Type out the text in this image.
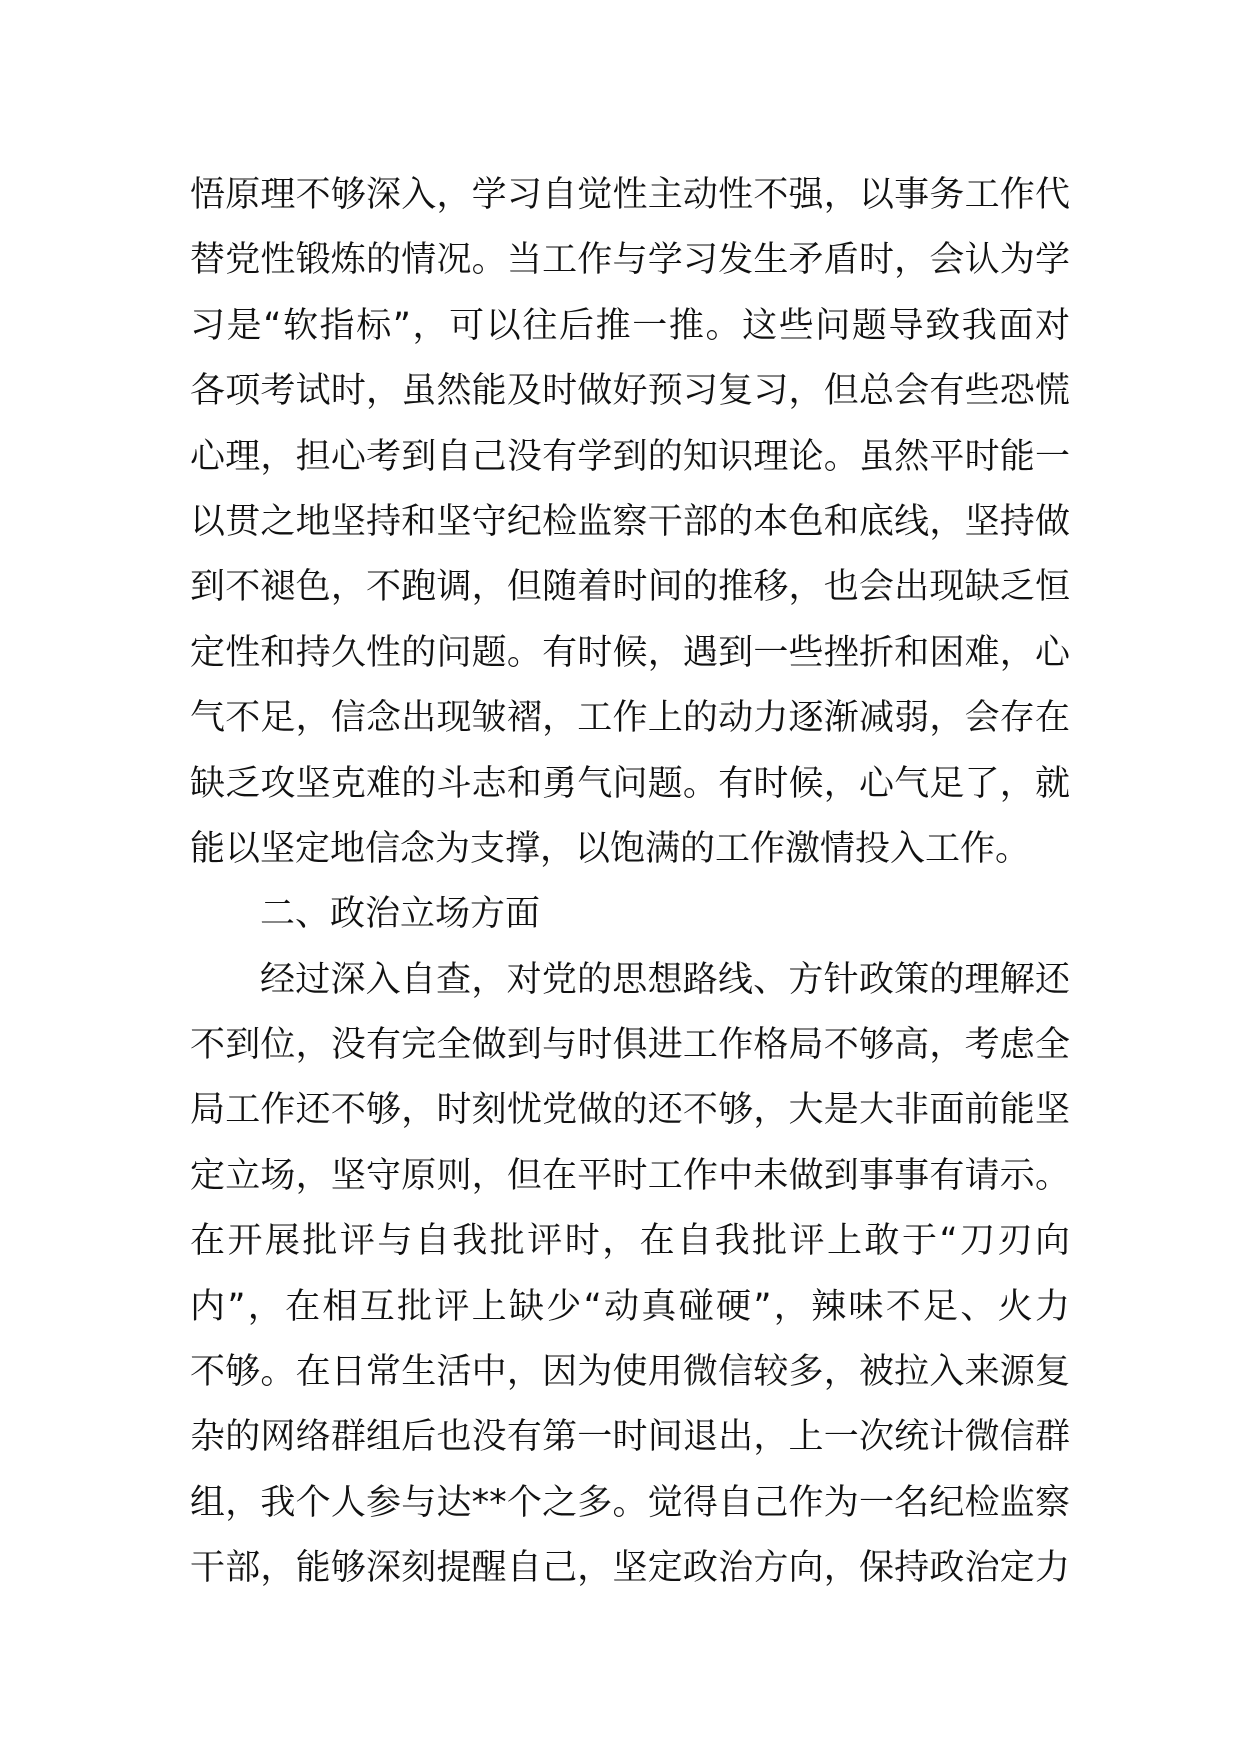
悟原理不够深入，学习自觉性主动性不强，以事务工作代
替党性锻炼的情况。当工作与学习发生矛盾时，会认为学
习是“软指标”，可以往后推一推。这些问题导致我面对
各项考试时，虽然能及时做好预习复习，但总会有些恐慌
心理，担心考到自己没有学到的知识理论。虽然平时能一
以贯之地坚持和坚守纪检监察干部的本色和底线，坚持做
到不褪色，不跑调，但随着时间的推移，也会出现缺乏恒
定性和持久性的问题。有时候，遇到一些挫折和困难，心
气不足，信念出现皱褶，工作上的动力逐渐减弱，会存在
缺乏攻坚克难的斗志和勇气问题。有时候，心气足了，就
能以坚定地信念为支撑，以饱满的工作激情投入工作。
二、政治立场方面
经过深入自查，对党的思想路线、方针政策的理解还
不到位，没有完全做到与时俱进工作格局不够高，考虑全
局工作还不够，时刻忧党做的还不够，大是大非面前能坚
定立场，坚守原则，但在平时工作中未做到事事有请示。
在开展批评与自我批评时，在自我批评上敢于“刀刃向
内”，在相互批评上缺少“动真碰硬”，辣味不足、火力
不够。在日常生活中，因为使用微信较多，被拉入来源复
杂的网络群组后也没有第一时间退出，上一次统计微信群
组，我个人参与达**个之多。觉得自己作为一名纪检监察
干部，能够深刻提醒自己，坚定政治方向，保持政治定力
